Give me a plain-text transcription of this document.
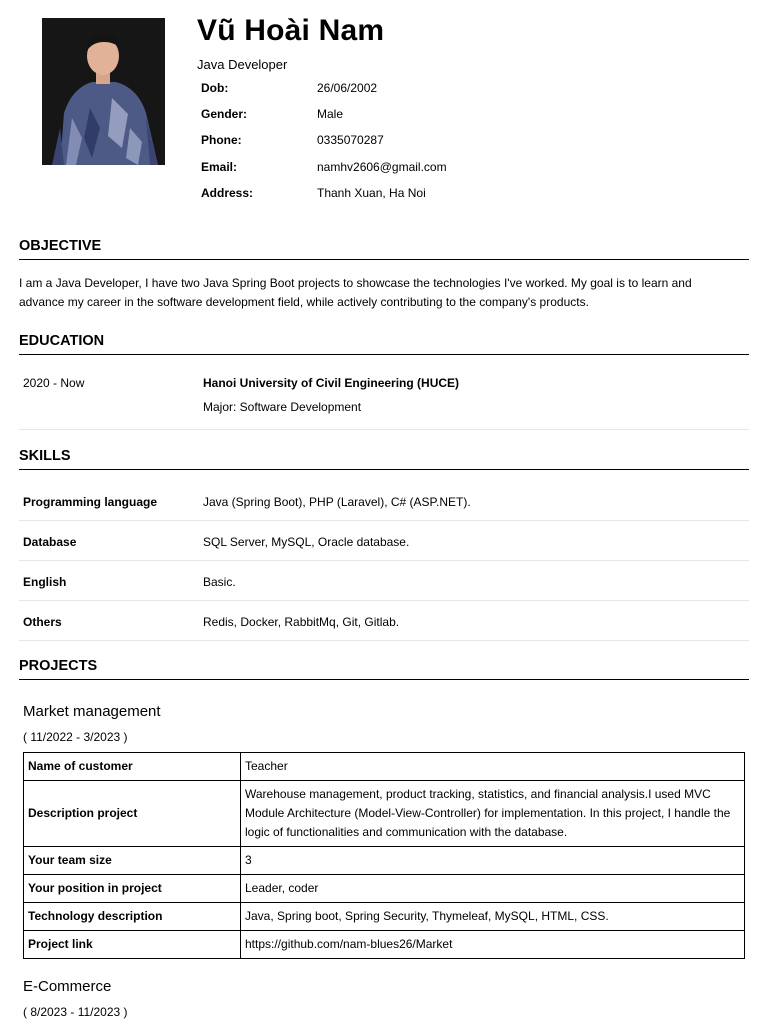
Vũ Hoài Nam
Java Developer
Dob:	26/06/2002
Gender:	Male
Phone:	0335070287
Email:	namhv2606@gmail.com
Address:	Thanh Xuan, Ha Noi
OBJECTIVE
I am a Java Developer, I have two Java Spring Boot projects to showcase the technologies I've worked. My goal is to learn and advance my career in the software development field, while actively contributing to the company's products.
EDUCATION
2020 - Now	Hanoi University of Civil Engineering (HUCE)
Major: Software Development
SKILLS
Programming language	Java (Spring Boot), PHP (Laravel), C# (ASP.NET).
Database	SQL Server, MySQL, Oracle database.
English	Basic.
Others	Redis, Docker, RabbitMq, Git, Gitlab.
PROJECTS
Market management
( 11/2022 - 3/2023 )
Name of customer	Teacher
Description project	Warehouse management, product tracking, statistics, and financial analysis.I used MVC Module Architecture (Model-View-Controller) for implementation. In this project, I handle the logic of functionalities and communication with the database.
Your team size	3
Your position in project	Leader, coder
Technology description	Java, Spring boot, Spring Security, Thymeleaf, MySQL, HTML, CSS.
Project link	https://github.com/nam-blues26/Market
E-Commerce
( 8/2023 - 11/2023 )
